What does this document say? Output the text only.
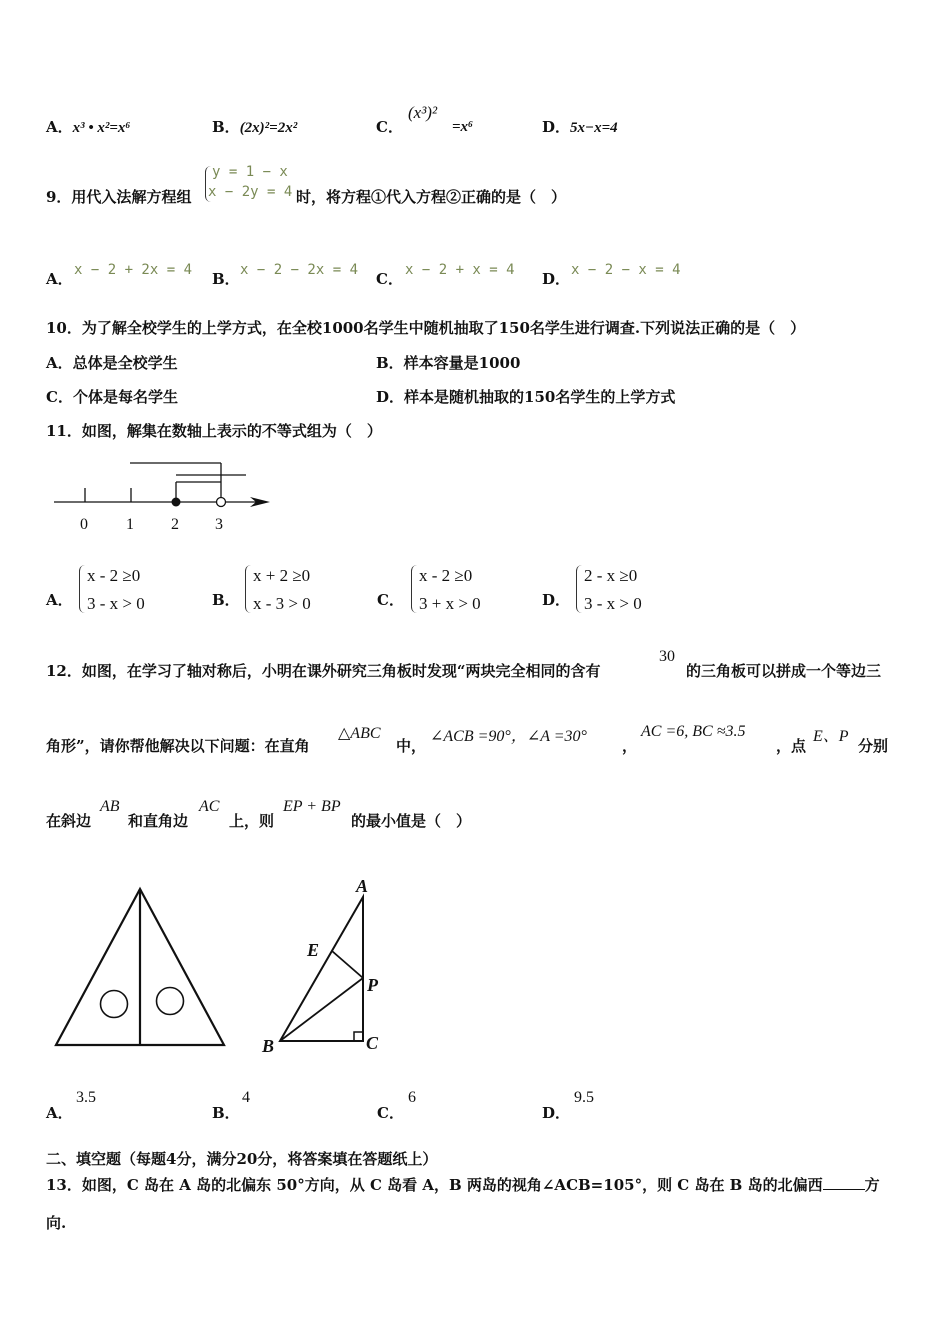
A．x³ • x²=x⁶	B．(2x)²=2x²	C．
(x³)²
=x⁶	D．5x−x=4
9．用代入法解方程组
y = 1 − x
x − 2y = 4 时，将方程①代入方程②正确的是（　）
A． x − 2 + 2x = 4 B． x − 2 − 2x = 4 C． x − 2 + x = 4 D． x − 2 − x = 4
10．为了解全校学生的上学方式，在全校1000名学生中随机抽取了150名学生进行调查.下列说法正确的是（　）
A．总体是全校学生	B．样本容量是1000
C．个体是每名学生	D．样本是随机抽取的150名学生的上学方式
11．如图，解集在数轴上表示的不等式组为（　）
0 1 2 3
A．
x - 2 ≥0
3 - x > 0	B．
x + 2 ≥0
x - 3 > 0	C．
x - 2 ≥0
3 + x > 0	D．
2 - x ≥0
3 - x > 0
12．如图，在学习了轴对称后，小明在课外研究三角板时发现“两块完全相同的含有
30
的三角板可以拼成一个等边三
角形”，请你帮他解决以下问题：在直角
△ABC
中，
∠ACB =90°，∠A =30°
，
AC =6, BC ≈3.5
，点
E、P
分别
在斜边
AB
和直角边
AC
上，则
EP + BP
的最小值是（　）
A
E
P
B	C
A．
3.5
B．
4
C．
6
D．
9.5
二、填空题（每题4分，满分20分，将答案填在答题纸上）
13．如图，C 岛在 A 岛的北偏东 50°方向，从 C 岛看 A，B 两岛的视角∠ACB=105°，则 C 岛在 B 岛的北偏西	方
向.
